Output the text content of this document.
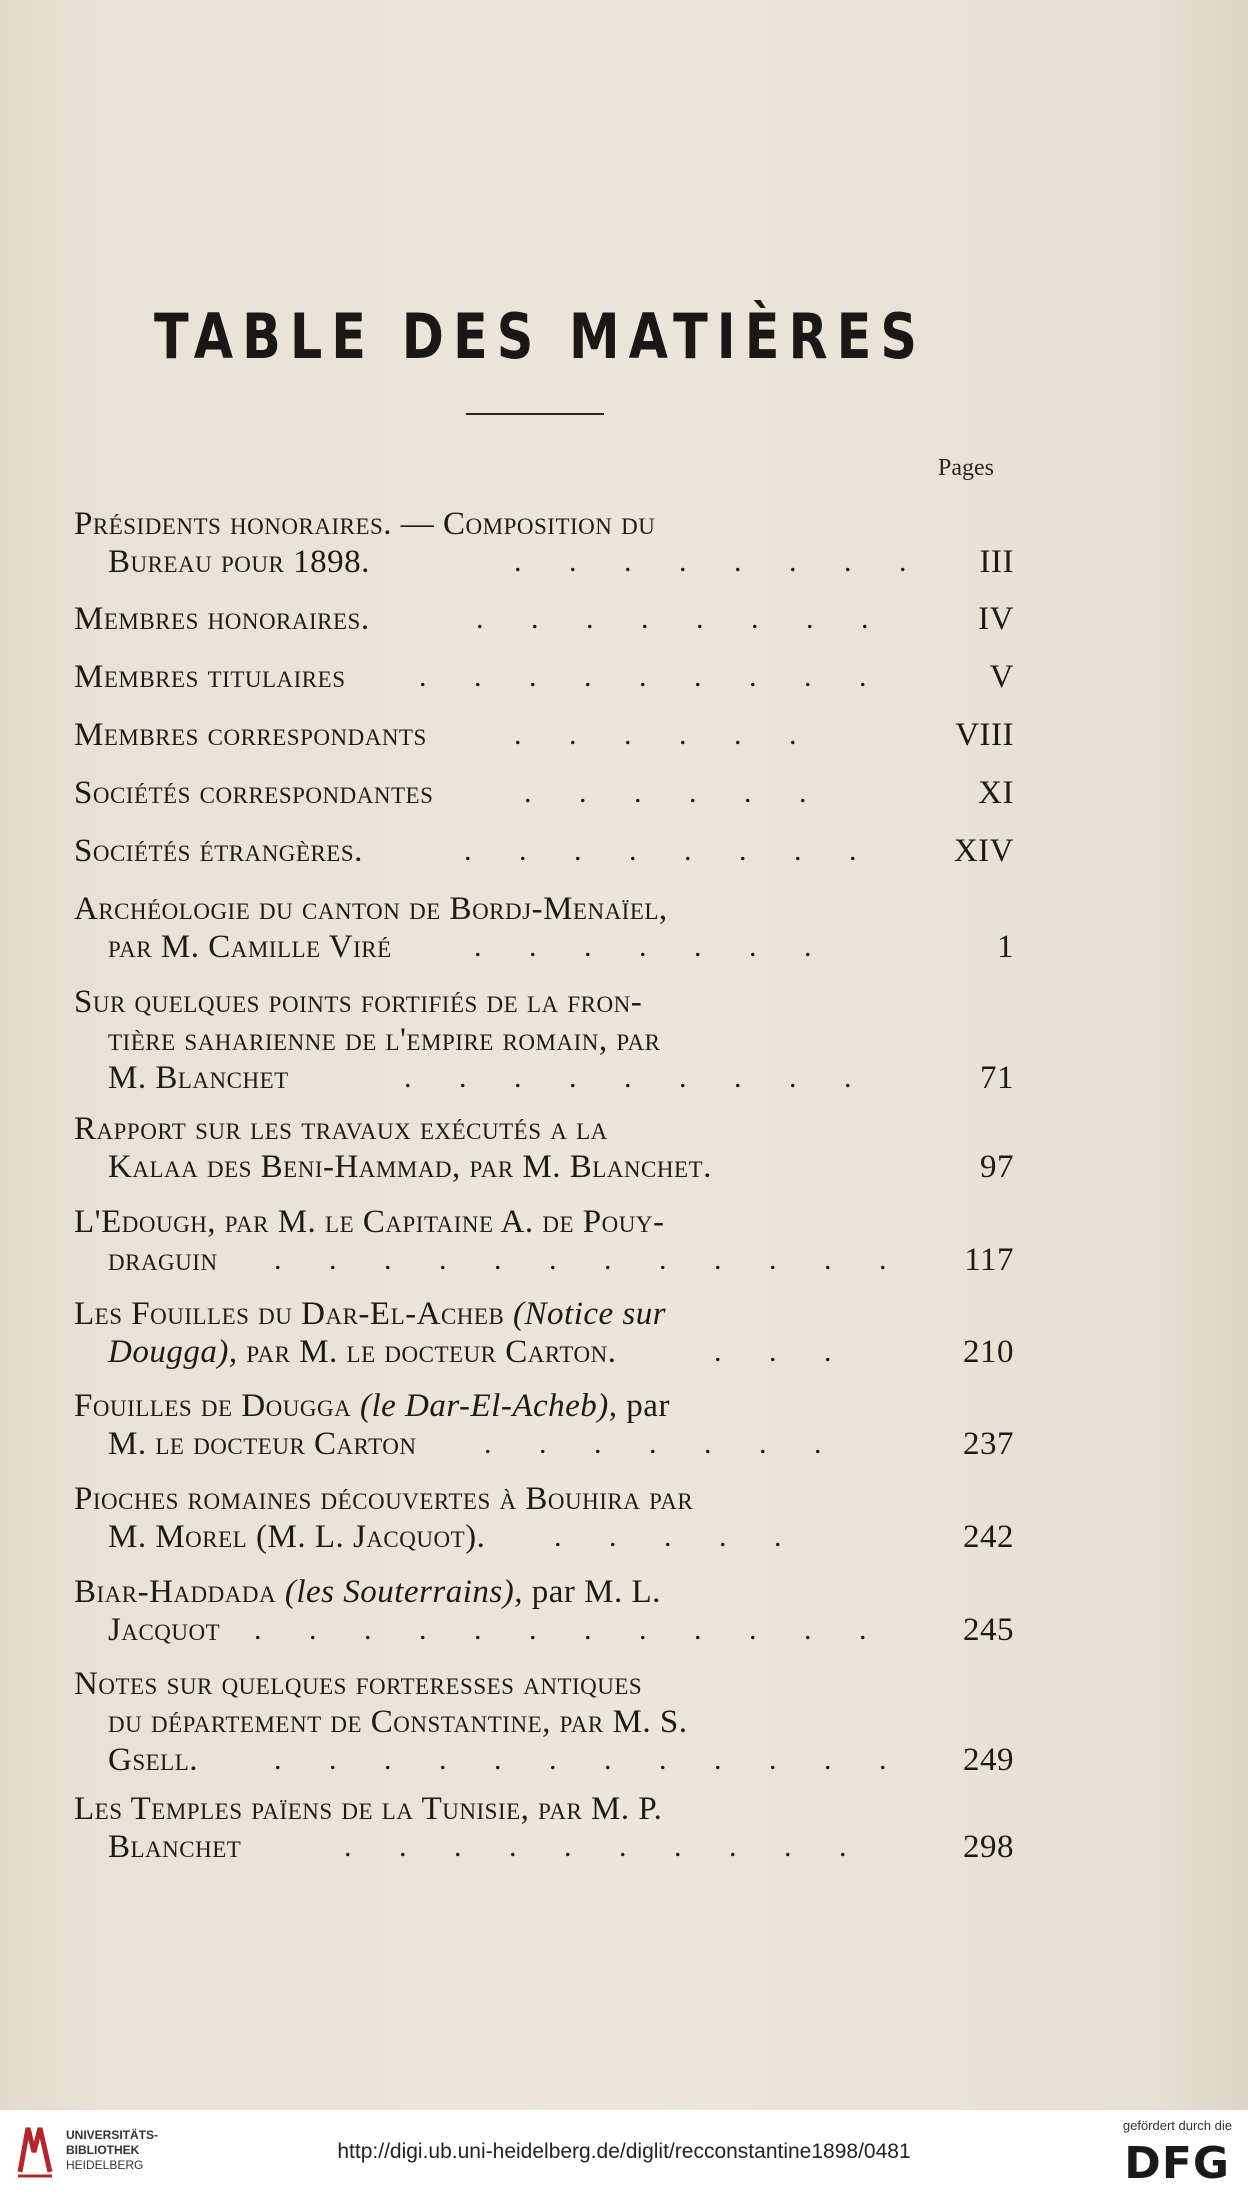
TABLE DES MATIÈRES
Pages
Présidents honoraires. — Composition du
Bureau pour 1898.	. . . . . . . . III
Membres honoraires.	. . . . . . . .	IV
Membres titulaires . . . . . . . . .	V
Membres correspondants	. . . . . .	VIII
Sociétés correspondantes	. . . . . .	XI
Sociétés étrangères.	. . . . . . . . XIV
Archéologie du canton de Bordj-Menaïel,
par M. Camille Viré	. . . . . . .	1
Sur quelques points fortifiés de la fron-
tière saharienne de l'empire romain, par
M. Blanchet	. . . . . . . . .	71
Rapport sur les travaux exécutés a la
Kalaa des Beni-Hammad, par M. Blanchet.	97
L'Edough, par M. le Capitaine A. de Pouy-
draguin . . . . . . . . . . . . 117
Les Fouilles du Dar-El-Acheb (Notice sur
Dougga), par M. le docteur Carton.	. . .	210
Fouilles de Dougga (le Dar-El-Acheb), par
M. le docteur Carton . . . . . . .	237
Pioches romaines découvertes à Bouhira par
M. Morel (M. L. Jacquot). . . . . .	242
Biar-Haddada (les Souterrains), par M. L.
Jacquot . . . . . . . . . . . . 245
Notes sur quelques forteresses antiques
du département de Constantine, par M. S.
Gsell.	. . . . . . . . . . . . 249
Les Temples païens de la Tunisie, par M. P.
Blanchet	. . . . . . . . . .	298
UNIVERSITÄTS-
BIBLIOTHEK
HEIDELBERG
http://digi.ub.uni-heidelberg.de/diglit/recconstantine1898/0481
gefördert durch die
DFG
